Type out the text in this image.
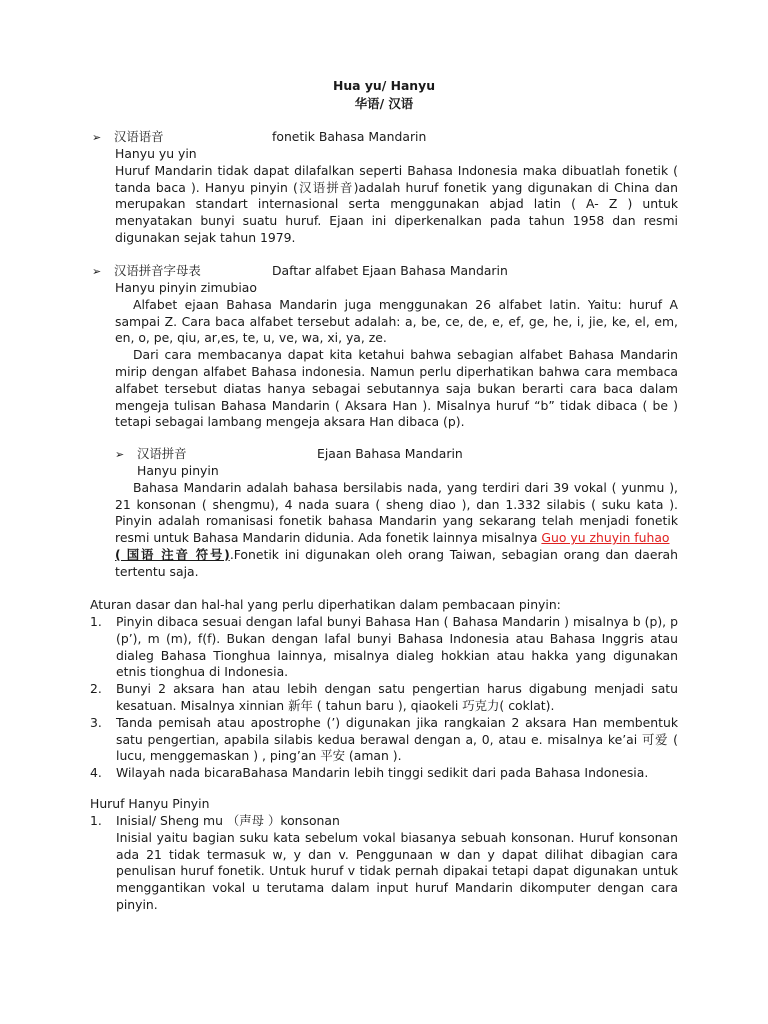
Hua yu/ Hanyu
华语/ 汉语
➢ 汉语语音	fonetik Bahasa Mandarin

Hanyu yu yin

Huruf Mandarin tidak dapat dilafalkan seperti Bahasa Indonesia maka dibuatlah fonetik ( tanda baca ). Hanyu pinyin (汉语拼音)adalah huruf fonetik yang digunakan di China dan merupakan standart internasional serta menggunakan abjad latin ( A- Z ) untuk menyatakan bunyi suatu huruf. Ejaan ini diperkenalkan pada tahun 1958 dan resmi digunakan sejak tahun 1979.

➢ 汉语拼音字母表	Daftar alfabet Ejaan Bahasa Mandarin

Hanyu pinyin zimubiao

Alfabet ejaan Bahasa Mandarin juga menggunakan 26 alfabet latin. Yaitu: huruf A sampai Z. Cara baca alfabet tersebut adalah: a, be, ce, de, e, ef, ge, he, i, jie, ke, el, em, en, o, pe, qiu, ar,es, te, u, ve, wa, xi, ya, ze.

Dari cara membacanya dapat kita ketahui bahwa sebagian alfabet Bahasa Mandarin mirip dengan alfabet Bahasa indonesia. Namun perlu diperhatikan bahwa cara membaca alfabet tersebut diatas hanya sebagai sebutannya saja bukan berarti cara baca dalam mengeja tulisan Bahasa Mandarin ( Aksara Han ). Misalnya huruf “b” tidak dibaca ( be ) tetapi sebagai lambang mengeja aksara Han dibaca (p).

➢ 汉语拼音	Ejaan Bahasa Mandarin

Hanyu pinyin

Bahasa Mandarin adalah bahasa bersilabis nada, yang terdiri dari 39 vokal ( yunmu ), 21 konsonan ( shengmu), 4 nada suara ( sheng diao ), dan 1.332 silabis ( suku kata ). Pinyin adalah romanisasi fonetik bahasa Mandarin yang sekarang telah menjadi fonetik resmi untuk Bahasa Mandarin didunia. Ada fonetik lainnya misalnya Guo yu zhuyin fuhao
( 国语 注音 符号).Fonetik ini digunakan oleh orang Taiwan, sebagian orang dan daerah tertentu saja.

Aturan dasar dan hal-hal yang perlu diperhatikan dalam pembacaan pinyin:
1. Pinyin dibaca sesuai dengan lafal bunyi Bahasa Han ( Bahasa Mandarin ) misalnya b (p), p (p’), m (m), f(f). Bukan dengan lafal bunyi Bahasa Indonesia atau Bahasa Inggris atau dialeg Bahasa Tionghua lainnya, misalnya dialeg hokkian atau hakka yang digunakan etnis tionghua di Indonesia.
2. Bunyi 2 aksara han atau lebih dengan satu pengertian harus digabung menjadi satu kesatuan. Misalnya xinnian 新年 ( tahun baru ), qiaokeli 巧克力( coklat).
3. Tanda pemisah atau apostrophe (’) digunakan jika rangkaian 2 aksara Han membentuk satu pengertian, apabila silabis kedua berawal dengan a, 0, atau e. misalnya ke’ai 可爱 ( lucu, menggemaskan ) , ping’an 平安 (aman ).
4. Wilayah nada bicaraBahasa Mandarin lebih tinggi sedikit dari pada Bahasa Indonesia.
Huruf Hanyu Pinyin
1. Inisial/ Sheng mu （声母 ）konsonan
Inisial yaitu bagian suku kata sebelum vokal biasanya sebuah konsonan. Huruf konsonan ada 21 tidak termasuk w, y dan v. Penggunaan w dan y dapat dilihat dibagian cara penulisan huruf fonetik. Untuk huruf v tidak pernah dipakai tetapi dapat digunakan untuk menggantikan vokal u terutama dalam input huruf Mandarin dikomputer dengan cara pinyin.
